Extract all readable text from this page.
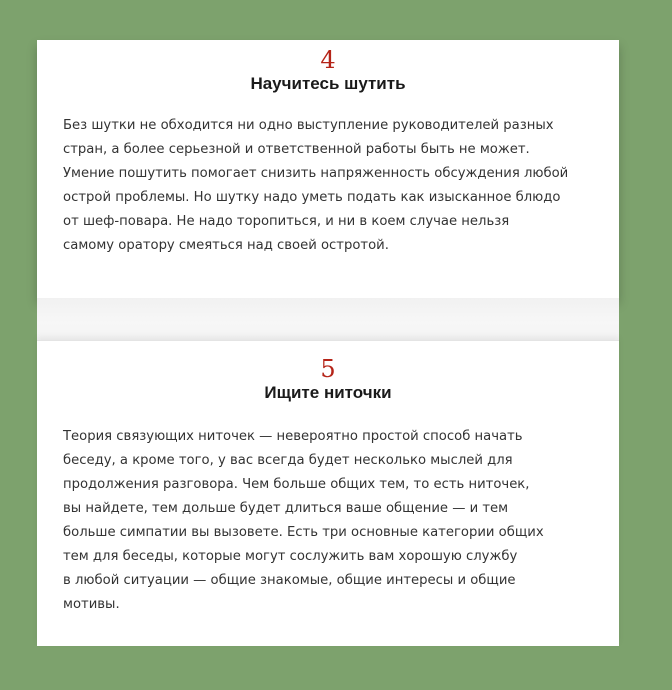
4
Научитесь шутить

Без шутки не обходится ни одно выступление руководителей разных
стран, а более серьезной и ответственной работы быть не может.
Умение пошутить помогает снизить напряженность обсуждения любой
острой проблемы. Но шутку надо уметь подать как изысканное блюдо
от шеф-повара. Не надо торопиться, и ни в коем случае нельзя
самому оратору смеяться над своей остротой.

5
Ищите ниточки

Теория связующих ниточек — невероятно простой способ начать
беседу, а кроме того, у вас всегда будет несколько мыслей для
продолжения разговора. Чем больше общих тем, то есть ниточек,
вы найдете, тем дольше будет длиться ваше общение — и тем
больше симпатии вы вызовете. Есть три основные категории общих
тем для беседы, которые могут сослужить вам хорошую службу
в любой ситуации — общие знакомые, общие интересы и общие
мотивы.
